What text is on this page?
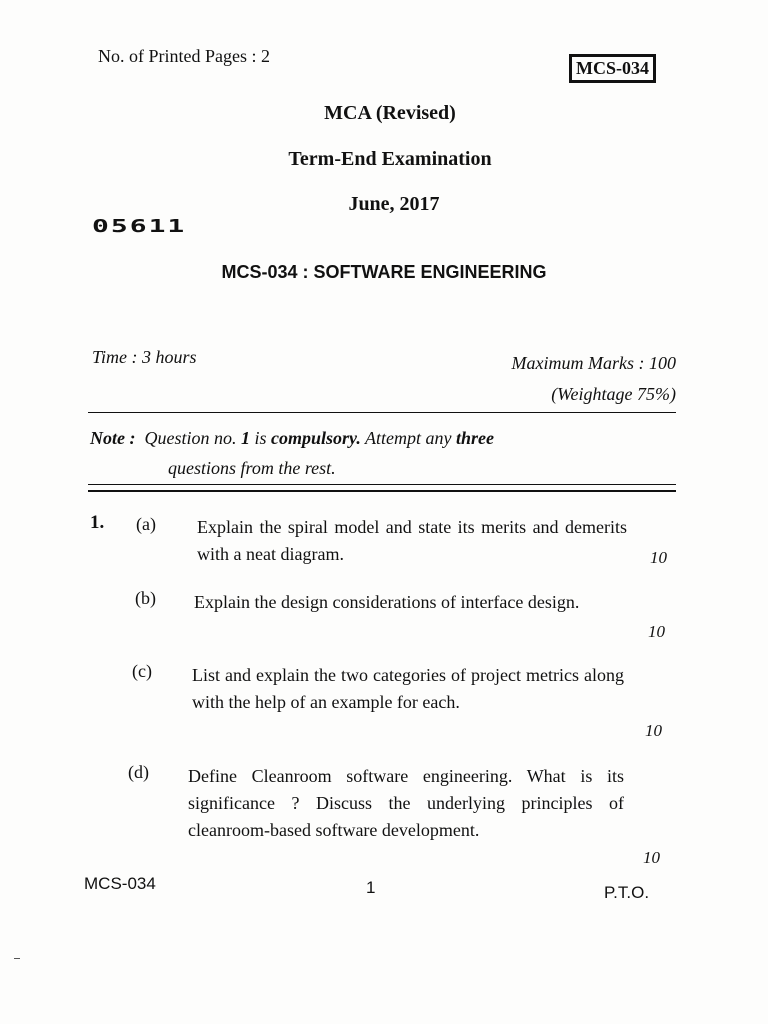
No. of Printed Pages : 2
MCS-034
MCA (Revised)
Term-End Examination
June, 2017
05611
MCS-034 : SOFTWARE ENGINEERING
Time : 3 hours	Maximum Marks : 100
(Weightage 75%)
Note : Question no. 1 is compulsory. Attempt any three
questions from the rest.
1. (a) Explain the spiral model and state its merits and demerits with a neat diagram.	10
(b) Explain the design considerations of interface design.
10
(c) List and explain the two categories of project metrics along with the help of an example for each.
10
(d) Define Cleanroom software engineering. What is its significance ? Discuss the underlying principles of cleanroom-based software development.
10
MCS-034	1	P.T.O.
